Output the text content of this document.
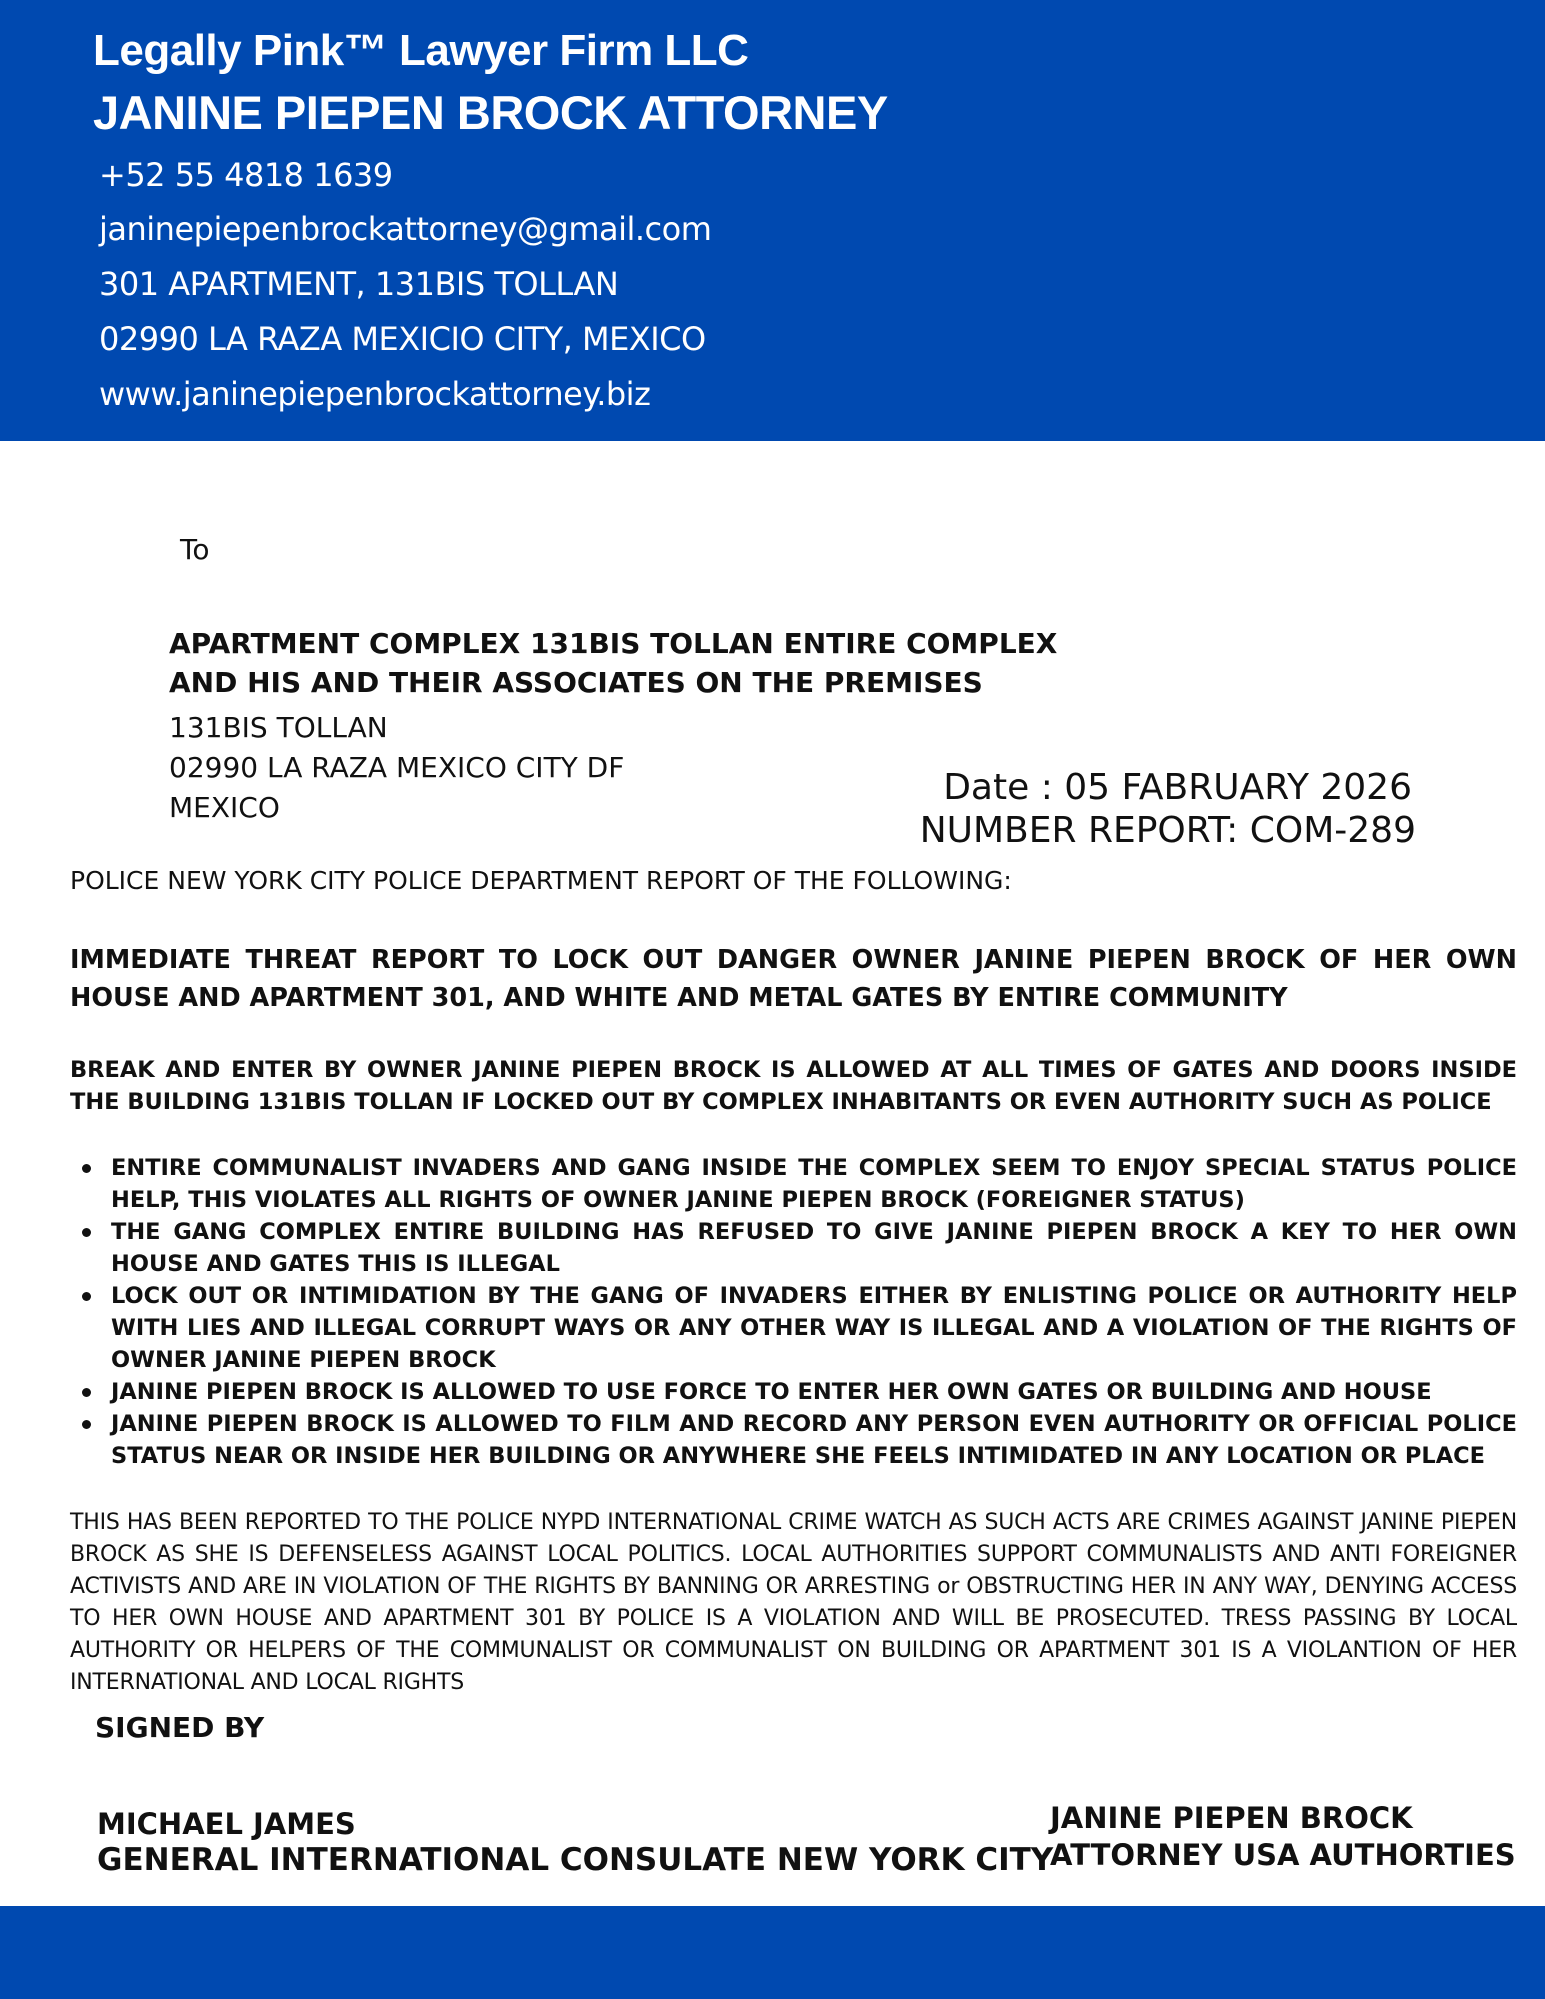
Legally Pink™ Lawyer Firm LLC
JANINE PIEPEN BROCK ATTORNEY
+52 55 4818 1639
janinepiepenbrockattorney@gmail.com
301 APARTMENT, 131BIS TOLLAN
02990 LA RAZA MEXICIO CITY, MEXICO
www.janinepiepenbrockattorney.biz
To
APARTMENT COMPLEX 131BIS TOLLAN ENTIRE COMPLEX
AND HIS AND THEIR ASSOCIATES ON THE PREMISES
131BIS TOLLAN
02990 LA RAZA MEXICO CITY DF
MEXICO	Date : 05 FABRUARY 2026
NUMBER REPORT: COM-289
POLICE NEW YORK CITY POLICE DEPARTMENT REPORT OF THE FOLLOWING:
IMMEDIATE THREAT REPORT TO LOCK OUT DANGER OWNER JANINE PIEPEN BROCK OF HER OWN HOUSE AND APARTMENT 301, AND WHITE AND METAL GATES BY ENTIRE COMMUNITY
BREAK AND ENTER BY OWNER JANINE PIEPEN BROCK IS ALLOWED AT ALL TIMES OF GATES AND DOORS INSIDE THE BUILDING 131BIS TOLLAN IF LOCKED OUT BY COMPLEX INHABITANTS OR EVEN AUTHORITY SUCH AS POLICE
ENTIRE COMMUNALIST INVADERS AND GANG INSIDE THE COMPLEX SEEM TO ENJOY SPECIAL STATUS POLICE HELP, THIS VIOLATES ALL RIGHTS OF OWNER JANINE PIEPEN BROCK (FOREIGNER STATUS)
THE GANG COMPLEX ENTIRE BUILDING HAS REFUSED TO GIVE JANINE PIEPEN BROCK A KEY TO HER OWN HOUSE AND GATES THIS IS ILLEGAL
LOCK OUT OR INTIMIDATION BY THE GANG OF INVADERS EITHER BY ENLISTING POLICE OR AUTHORITY HELP WITH LIES AND ILLEGAL CORRUPT WAYS OR ANY OTHER WAY IS ILLEGAL AND A VIOLATION OF THE RIGHTS OF OWNER JANINE PIEPEN BROCK
JANINE PIEPEN BROCK IS ALLOWED TO USE FORCE TO ENTER HER OWN GATES OR BUILDING AND HOUSE
JANINE PIEPEN BROCK IS ALLOWED TO FILM AND RECORD ANY PERSON EVEN AUTHORITY OR OFFICIAL POLICE STATUS NEAR OR INSIDE HER BUILDING OR ANYWHERE SHE FEELS INTIMIDATED IN ANY LOCATION OR PLACE
THIS HAS BEEN REPORTED TO THE POLICE NYPD INTERNATIONAL CRIME WATCH AS SUCH ACTS ARE CRIMES AGAINST JANINE PIEPEN BROCK AS SHE IS DEFENSELESS AGAINST LOCAL POLITICS. LOCAL AUTHORITIES SUPPORT COMMUNALISTS AND ANTI FOREIGNER ACTIVISTS AND ARE IN VIOLATION OF THE RIGHTS BY BANNING OR ARRESTING or OBSTRUCTING HER IN ANY WAY, DENYING ACCESS TO HER OWN HOUSE AND APARTMENT 301 BY POLICE IS A VIOLATION AND WILL BE PROSECUTED. TRESS PASSING BY LOCAL AUTHORITY OR HELPERS OF THE COMMUNALIST OR COMMUNALIST ON BUILDING OR APARTMENT 301 IS A VIOLANTION OF HER INTERNATIONAL AND LOCAL RIGHTS
SIGNED BY
MICHAEL JAMES
GENERAL INTERNATIONAL CONSULATE NEW YORK CITY
JANINE PIEPEN BROCK
ATTORNEY USA AUTHORTIES
